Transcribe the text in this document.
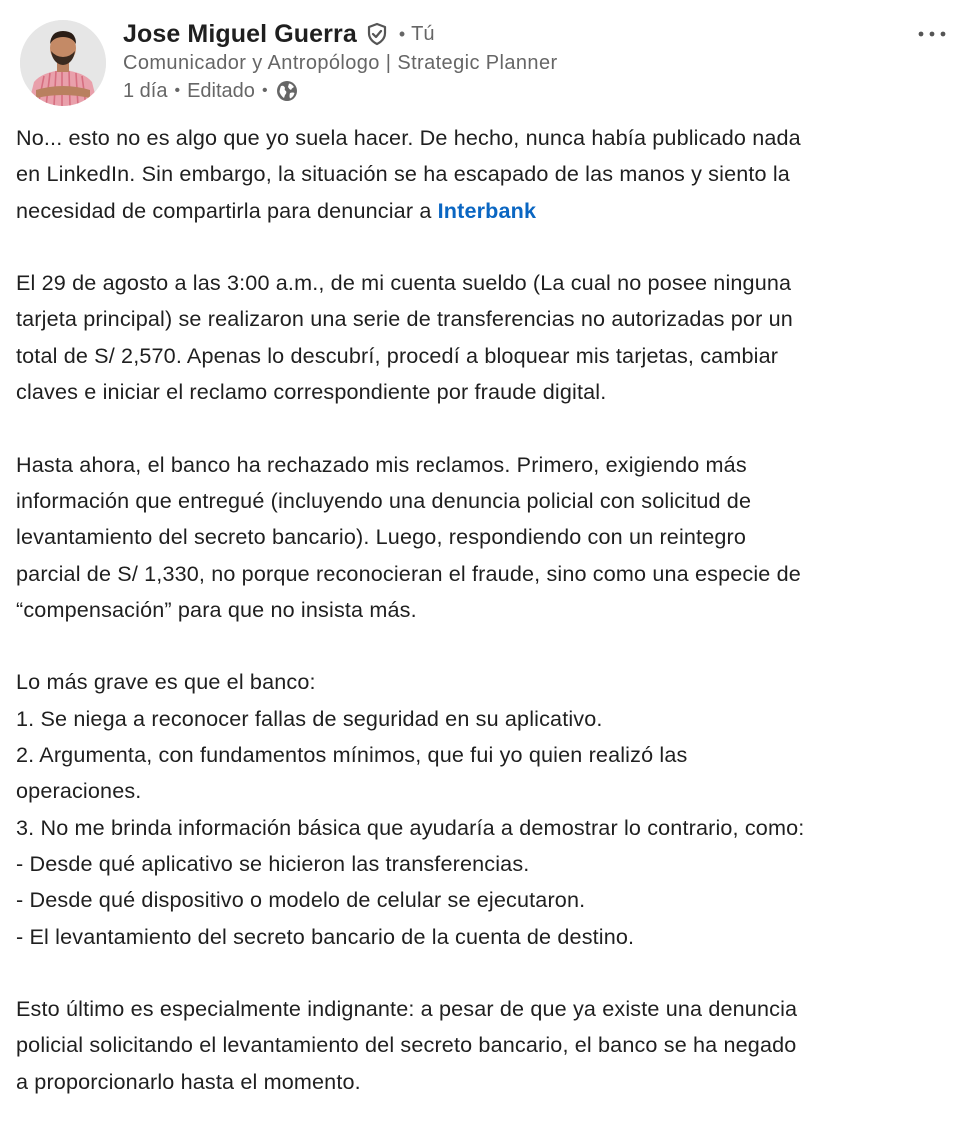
Jose Miguel Guerra • Tú
Comunicador y Antropólogo | Strategic Planner
1 día • Editado •

No... esto no es algo que yo suela hacer. De hecho, nunca había publicado nada
en LinkedIn. Sin embargo, la situación se ha escapado de las manos y siento la
necesidad de compartirla para denunciar a Interbank

El 29 de agosto a las 3:00 a.m., de mi cuenta sueldo (La cual no posee ninguna
tarjeta principal) se realizaron una serie de transferencias no autorizadas por un
total de S/ 2,570. Apenas lo descubrí, procedí a bloquear mis tarjetas, cambiar
claves e iniciar el reclamo correspondiente por fraude digital.

Hasta ahora, el banco ha rechazado mis reclamos. Primero, exigiendo más
información que entregué (incluyendo una denuncia policial con solicitud de
levantamiento del secreto bancario). Luego, respondiendo con un reintegro
parcial de S/ 1,330, no porque reconocieran el fraude, sino como una especie de
“compensación” para que no insista más.

Lo más grave es que el banco:
1. Se niega a reconocer fallas de seguridad en su aplicativo.
2. Argumenta, con fundamentos mínimos, que fui yo quien realizó las
operaciones.
3. No me brinda información básica que ayudaría a demostrar lo contrario, como:
- Desde qué aplicativo se hicieron las transferencias.
- Desde qué dispositivo o modelo de celular se ejecutaron.
- El levantamiento del secreto bancario de la cuenta de destino.

Esto último es especialmente indignante: a pesar de que ya existe una denuncia
policial solicitando el levantamiento del secreto bancario, el banco se ha negado
a proporcionarlo hasta el momento.
